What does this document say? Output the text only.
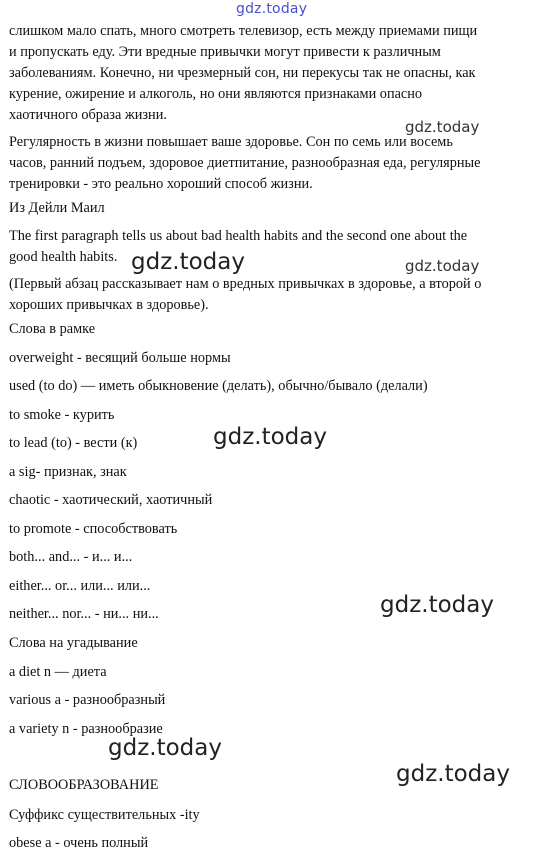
gdz.today
слишком мало спать, много смотреть телевизор, есть между приемами пищи
и пропускать еду. Эти вредные привычки могут привести к различным
заболеваниям. Конечно, ни чрезмерный сон, ни перекусы так не опасны, как
курение, ожирение и алкоголь, но они являются признаками опасно
хаотичного образа жизни.
Регулярность в жизни повышает ваше здоровье. Сон по семь или восемь
часов, ранний подъем, здоровое диетпитание, разнообразная еда, регулярные
тренировки - это реально хороший способ жизни.
Из Дейли Маил
The first paragraph tells us about bad health habits and the second one about the
good health habits.
(Первый абзац рассказывает нам о вредных привычках в здоровье, а второй о
хороших привычках в здоровье).
Слова в рамке
overweight - весящий больше нормы
used (to do) — иметь обыкновение (делать), обычно/бывало (делали)
to smoke - курить
to lead (to) - вести (к)
a sig- признак, знак
chaotic - хаотический, хаотичный
to promote - способствовать
both... and... - и... и...
either... or... или... или...
neither... nor... - ни... ни...
Слова на угадывание
a diet n — диета
various a - разнообразный
a variety n - разнообразие
СЛОВООБРАЗОВАНИЕ
Суффикс существительных -ity
obese a - очень полный
gdz.today
gdz.today	gdz.today
gdz.today
gdz.today
gdz.today
gdz.today
